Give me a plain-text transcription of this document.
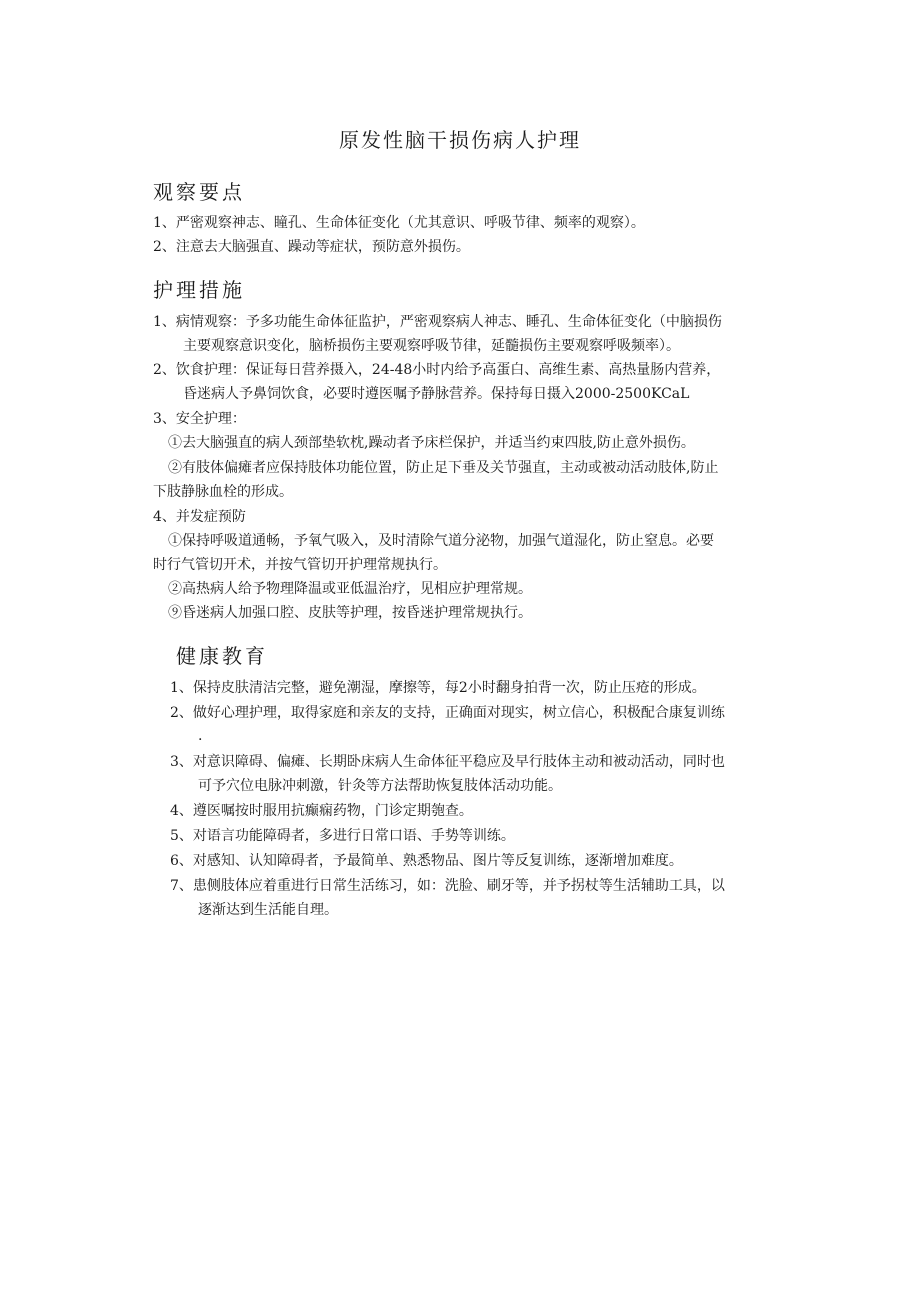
原发性脑干损伤病人护理
观察要点

1、严密观察神志、瞳孔、生命体征变化（尤其意识、呼吸节律、频率的观察）。

2、注意去大脑强直、躁动等症状，预防意外损伤。

护理措施

1、病情观察：予多功能生命体征监护，严密观察病人神志、睡孔、生命体征变化（中脑损伤

主要观察意识变化，脑桥损伤主要观察呼吸节律，延髓损伤主要观察呼吸频率）。

2、饮食护理：保证每日营养摄入，24-48小时内给予高蛋白、高维生素、高热量肠内营养，

昏迷病人予鼻饲饮食，必要时遵医嘱予静脉营养。保持每日摄入2000-2500KCaL

3、安全护理：

①去大脑强直的病人颈部垫软枕,躁动者予床栏保护，并适当约束四肢,防止意外损伤。

②有肢体偏瘫者应保持肢体功能位置，防止足下垂及关节强直，主动或被动活动肢体,防止

下肢静脉血栓的形成。

4、并发症预防

①保持呼吸道通畅，予氧气吸入，及时清除气道分泌物，加强气道湿化，防止窒息。必要

时行气管切开术，并按气管切开护理常规执行。

②高热病人给予物理降温或亚低温治疗，见相应护理常规。

⑨昏迷病人加强口腔、皮肤等护理，按昏迷护理常规执行。

健康教育

1、保持皮肤清洁完整，避免潮湿，摩擦等，每2小时翻身拍背一次，防止压疮的形成。

2、做好心理护理，取得家庭和亲友的支持，正确面对现实，树立信心，积极配合康复训练

.

3、对意识障碍、偏瘫、长期卧床病人生命体征平稳应及早行肢体主动和被动活动，同时也

可予穴位电脉冲刺激，针灸等方法帮助恢复肢体活动功能。

4、遵医嘱按时服用抗癫痫药物，门诊定期匏查。

5、对语言功能障碍者，多进行日常口语、手势等训练。

6、对感知、认知障碍者，予最简单、熟悉物品、图片等反复训练，逐渐增加难度。

7、患侧肢体应着重进行日常生活练习，如：洗脸、刷牙等，并予拐杖等生活辅助工具，以

逐渐达到生活能自理。
